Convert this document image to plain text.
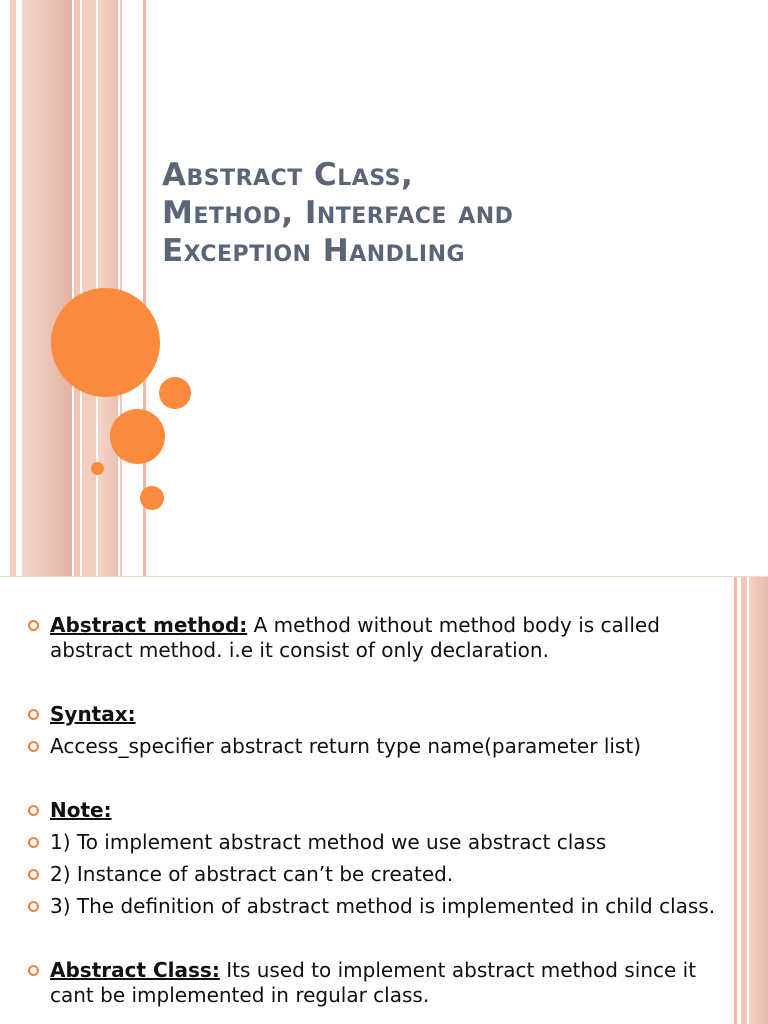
Abstract Class,
Method, Interface and
Exception Handling
Abstract method: A method without method body is called abstract method. i.e it consist of only declaration.
Syntax:
Access_specifier abstract return type name(parameter list)
Note:
1) To implement abstract method we use abstract class
2) Instance of abstract can’t be created.
3) The definition of abstract method is implemented in child class.
Abstract Class: Its used to implement abstract method since it cant be implemented in regular class.
